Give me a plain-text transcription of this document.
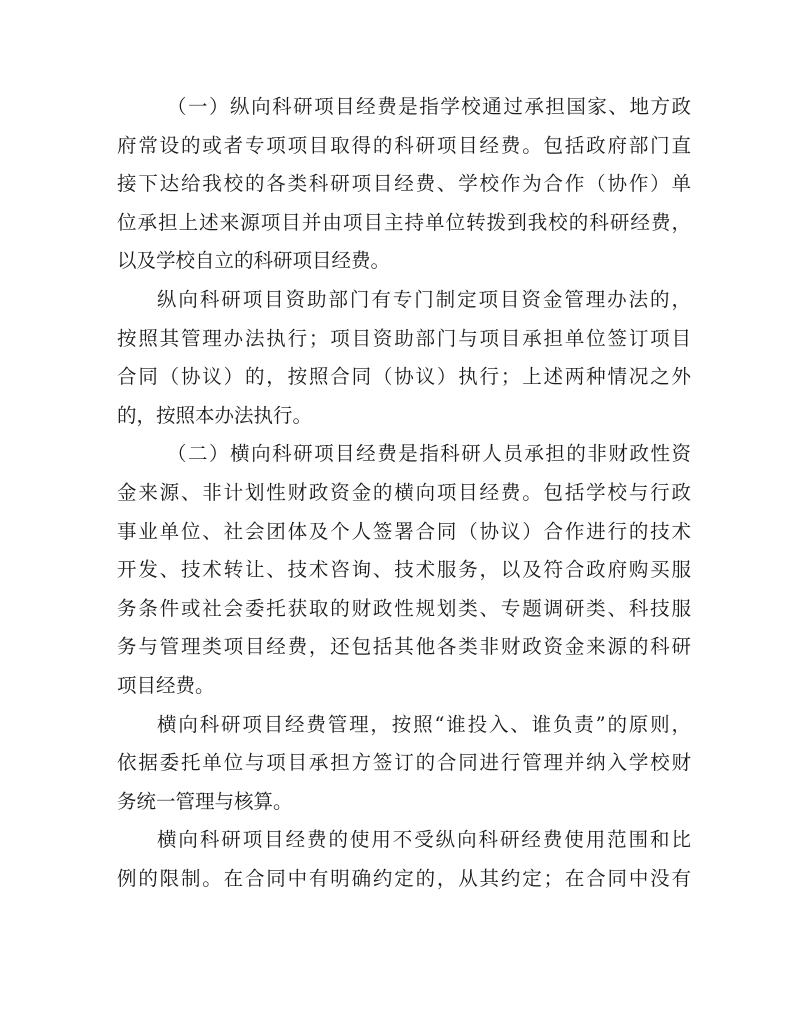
（一）纵向科研项目经费是指学校通过承担国家、地方政
府常设的或者专项项目取得的科研项目经费。包括政府部门直
接下达给我校的各类科研项目经费、学校作为合作（协作）单
位承担上述来源项目并由项目主持单位转拨到我校的科研经费，
以及学校自立的科研项目经费。
纵向科研项目资助部门有专门制定项目资金管理办法的，
按照其管理办法执行；项目资助部门与项目承担单位签订项目
合同（协议）的，按照合同（协议）执行；上述两种情况之外
的，按照本办法执行。
（二）横向科研项目经费是指科研人员承担的非财政性资
金来源、非计划性财政资金的横向项目经费。包括学校与行政
事业单位、社会团体及个人签署合同（协议）合作进行的技术
开发、技术转让、技术咨询、技术服务，以及符合政府购买服
务条件或社会委托获取的财政性规划类、专题调研类、科技服
务与管理类项目经费，还包括其他各类非财政资金来源的科研
项目经费。
横向科研项目经费管理，按照“谁投入、谁负责”的原则，
依据委托单位与项目承担方签订的合同进行管理并纳入学校财
务统一管理与核算。
横向科研项目经费的使用不受纵向科研经费使用范围和比
例的限制。在合同中有明确约定的，从其约定；在合同中没有
